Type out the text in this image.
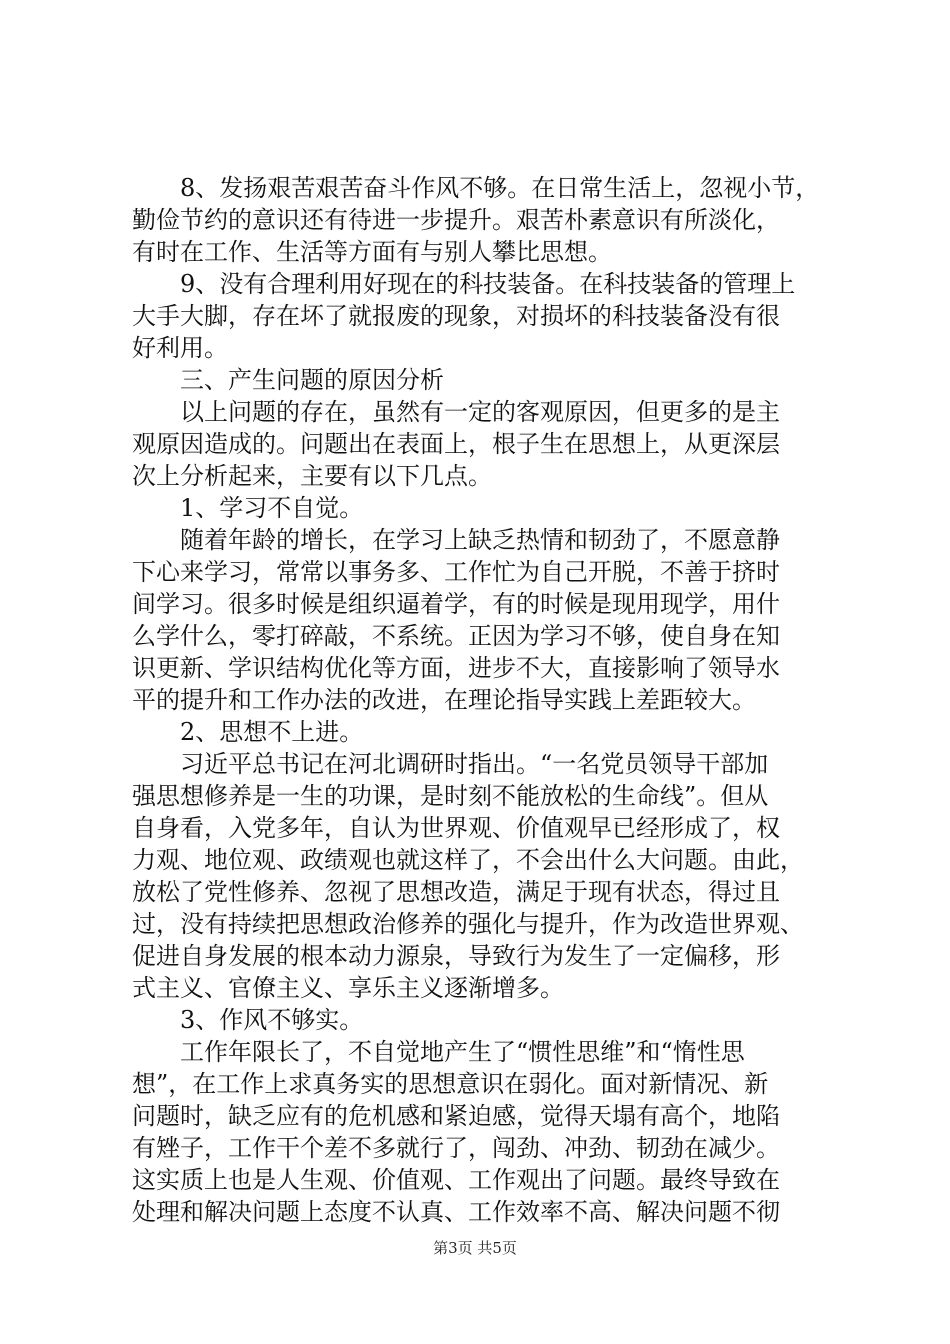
8、发扬艰苦艰苦奋斗作风不够。在日常生活上，忽视小节，
勤俭节约的意识还有待进一步提升。艰苦朴素意识有所淡化，
有时在工作、生活等方面有与别人攀比思想。
9、没有合理利用好现在的科技装备。在科技装备的管理上
大手大脚，存在坏了就报废的现象，对损坏的科技装备没有很
好利用。
三、产生问题的原因分析
以上问题的存在，虽然有一定的客观原因，但更多的是主
观原因造成的。问题出在表面上，根子生在思想上，从更深层
次上分析起来，主要有以下几点。
1、学习不自觉。
随着年龄的增长，在学习上缺乏热情和韧劲了，不愿意静
下心来学习，常常以事务多、工作忙为自己开脱，不善于挤时
间学习。很多时候是组织逼着学，有的时候是现用现学，用什
么学什么，零打碎敲，不系统。正因为学习不够，使自身在知
识更新、学识结构优化等方面，进步不大，直接影响了领导水
平的提升和工作办法的改进，在理论指导实践上差距较大。
2、思想不上进。
习近平总书记在河北调研时指出。“一名党员领导干部加
强思想修养是一生的功课，是时刻不能放松的生命线”。但从
自身看，入党多年，自认为世界观、价值观早已经形成了，权
力观、地位观、政绩观也就这样了，不会出什么大问题。由此，
放松了党性修养、忽视了思想改造，满足于现有状态，得过且
过，没有持续把思想政治修养的强化与提升，作为改造世界观、
促进自身发展的根本动力源泉，导致行为发生了一定偏移，形
式主义、官僚主义、享乐主义逐渐增多。
3、作风不够实。
工作年限长了，不自觉地产生了“惯性思维”和“惰性思
想”，在工作上求真务实的思想意识在弱化。面对新情况、新
问题时，缺乏应有的危机感和紧迫感，觉得天塌有高个，地陷
有矬子，工作干个差不多就行了，闯劲、冲劲、韧劲在减少。
这实质上也是人生观、价值观、工作观出了问题。最终导致在
处理和解决问题上态度不认真、工作效率不高、解决问题不彻
第3页 共5页
